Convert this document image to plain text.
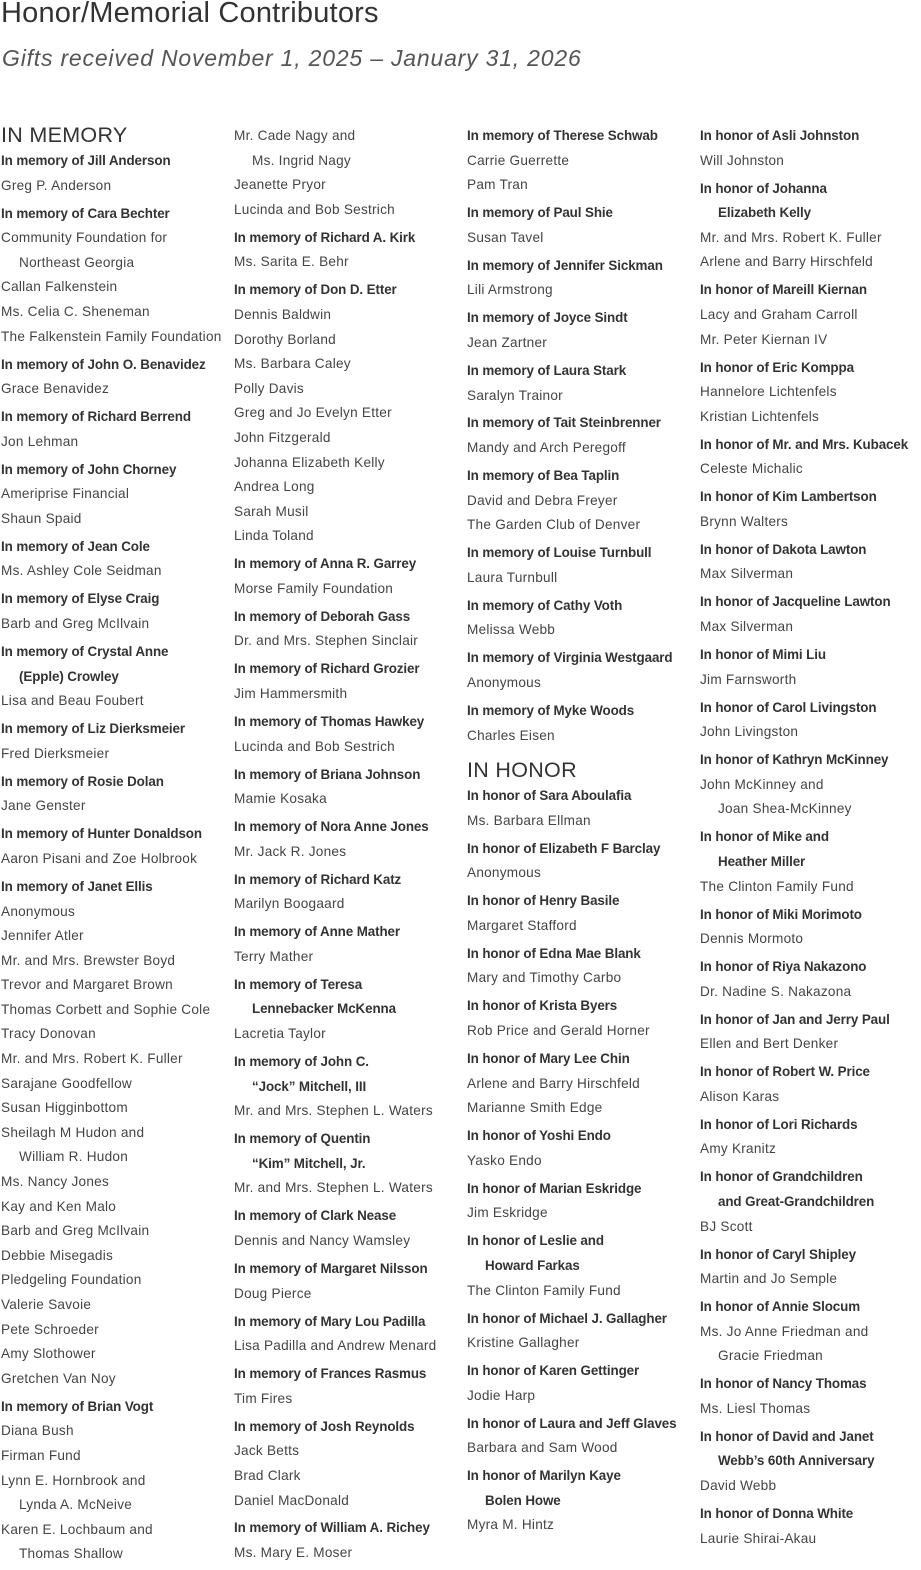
Honor/Memorial Contributors
Gifts received November 1, 2025 – January 31, 2026
IN MEMORY
In memory of Jill Anderson
Greg P. Anderson
In memory of Cara Bechter
Community Foundation for
Northeast Georgia
Callan Falkenstein
Ms. Celia C. Sheneman
The Falkenstein Family Foundation
In memory of John O. Benavidez
Grace Benavidez
In memory of Richard Berrend
Jon Lehman
In memory of John Chorney
Ameriprise Financial
Shaun Spaid
In memory of Jean Cole
Ms. Ashley Cole Seidman
In memory of Elyse Craig
Barb and Greg McIlvain
In memory of Crystal Anne
(Epple) Crowley
Lisa and Beau Foubert
In memory of Liz Dierksmeier
Fred Dierksmeier
In memory of Rosie Dolan
Jane Genster
In memory of Hunter Donaldson
Aaron Pisani and Zoe Holbrook
In memory of Janet Ellis
Anonymous
Jennifer Atler
Mr. and Mrs. Brewster Boyd
Trevor and Margaret Brown
Thomas Corbett and Sophie Cole
Tracy Donovan
Mr. and Mrs. Robert K. Fuller
Sarajane Goodfellow
Susan Higginbottom
Sheilagh M Hudon and
William R. Hudon
Ms. Nancy Jones
Kay and Ken Malo
Barb and Greg McIlvain
Debbie Misegadis
Pledgeling Foundation
Valerie Savoie
Pete Schroeder
Amy Slothower
Gretchen Van Noy
In memory of Brian Vogt
Diana Bush
Firman Fund
Lynn E. Hornbrook and
Lynda A. McNeive
Karen E. Lochbaum and
Thomas Shallow
Mr. Cade Nagy and
Ms. Ingrid Nagy
Jeanette Pryor
Lucinda and Bob Sestrich
In memory of Richard A. Kirk
Ms. Sarita E. Behr
In memory of Don D. Etter
Dennis Baldwin
Dorothy Borland
Ms. Barbara Caley
Polly Davis
Greg and Jo Evelyn Etter
John Fitzgerald
Johanna Elizabeth Kelly
Andrea Long
Sarah Musil
Linda Toland
In memory of Anna R. Garrey
Morse Family Foundation
In memory of Deborah Gass
Dr. and Mrs. Stephen Sinclair
In memory of Richard Grozier
Jim Hammersmith
In memory of Thomas Hawkey
Lucinda and Bob Sestrich
In memory of Briana Johnson
Mamie Kosaka
In memory of Nora Anne Jones
Mr. Jack R. Jones
In memory of Richard Katz
Marilyn Boogaard
In memory of Anne Mather
Terry Mather
In memory of Teresa
Lennebacker McKenna
Lacretia Taylor
In memory of John C.
“Jock” Mitchell, III
Mr. and Mrs. Stephen L. Waters
In memory of Quentin
“Kim” Mitchell, Jr.
Mr. and Mrs. Stephen L. Waters
In memory of Clark Nease
Dennis and Nancy Wamsley
In memory of Margaret Nilsson
Doug Pierce
In memory of Mary Lou Padilla
Lisa Padilla and Andrew Menard
In memory of Frances Rasmus
Tim Fires
In memory of Josh Reynolds
Jack Betts
Brad Clark
Daniel MacDonald
In memory of William A. Richey
Ms. Mary E. Moser
In memory of Therese Schwab
Carrie Guerrette
Pam Tran
In memory of Paul Shie
Susan Tavel
In memory of Jennifer Sickman
Lili Armstrong
In memory of Joyce Sindt
Jean Zartner
In memory of Laura Stark
Saralyn Trainor
In memory of Tait Steinbrenner
Mandy and Arch Peregoff
In memory of Bea Taplin
David and Debra Freyer
The Garden Club of Denver
In memory of Louise Turnbull
Laura Turnbull
In memory of Cathy Voth
Melissa Webb
In memory of Virginia Westgaard
Anonymous
In memory of Myke Woods
Charles Eisen
IN HONOR
In honor of Sara Aboulafia
Ms. Barbara Ellman
In honor of Elizabeth F Barclay
Anonymous
In honor of Henry Basile
Margaret Stafford
In honor of Edna Mae Blank
Mary and Timothy Carbo
In honor of Krista Byers
Rob Price and Gerald Horner
In honor of Mary Lee Chin
Arlene and Barry Hirschfeld
Marianne Smith Edge
In honor of Yoshi Endo
Yasko Endo
In honor of Marian Eskridge
Jim Eskridge
In honor of Leslie and
Howard Farkas
The Clinton Family Fund
In honor of Michael J. Gallagher
Kristine Gallagher
In honor of Karen Gettinger
Jodie Harp
In honor of Laura and Jeff Glaves
Barbara and Sam Wood
In honor of Marilyn Kaye
Bolen Howe
Myra M. Hintz
In honor of Asli Johnston
Will Johnston
In honor of Johanna
Elizabeth Kelly
Mr. and Mrs. Robert K. Fuller
Arlene and Barry Hirschfeld
In honor of Mareill Kiernan
Lacy and Graham Carroll
Mr. Peter Kiernan IV
In honor of Eric Komppa
Hannelore Lichtenfels
Kristian Lichtenfels
In honor of Mr. and Mrs. Kubacek
Celeste Michalic
In honor of Kim Lambertson
Brynn Walters
In honor of Dakota Lawton
Max Silverman
In honor of Jacqueline Lawton
Max Silverman
In honor of Mimi Liu
Jim Farnsworth
In honor of Carol Livingston
John Livingston
In honor of Kathryn McKinney
John McKinney and
Joan Shea-McKinney
In honor of Mike and
Heather Miller
The Clinton Family Fund
In honor of Miki Morimoto
Dennis Mormoto
In honor of Riya Nakazono
Dr. Nadine S. Nakazona
In honor of Jan and Jerry Paul
Ellen and Bert Denker
In honor of Robert W. Price
Alison Karas
In honor of Lori Richards
Amy Kranitz
In honor of Grandchildren
and Great-Grandchildren
BJ Scott
In honor of Caryl Shipley
Martin and Jo Semple
In honor of Annie Slocum
Ms. Jo Anne Friedman and
Gracie Friedman
In honor of Nancy Thomas
Ms. Liesl Thomas
In honor of David and Janet
Webb’s 60th Anniversary
David Webb
In honor of Donna White
Laurie Shirai-Akau
